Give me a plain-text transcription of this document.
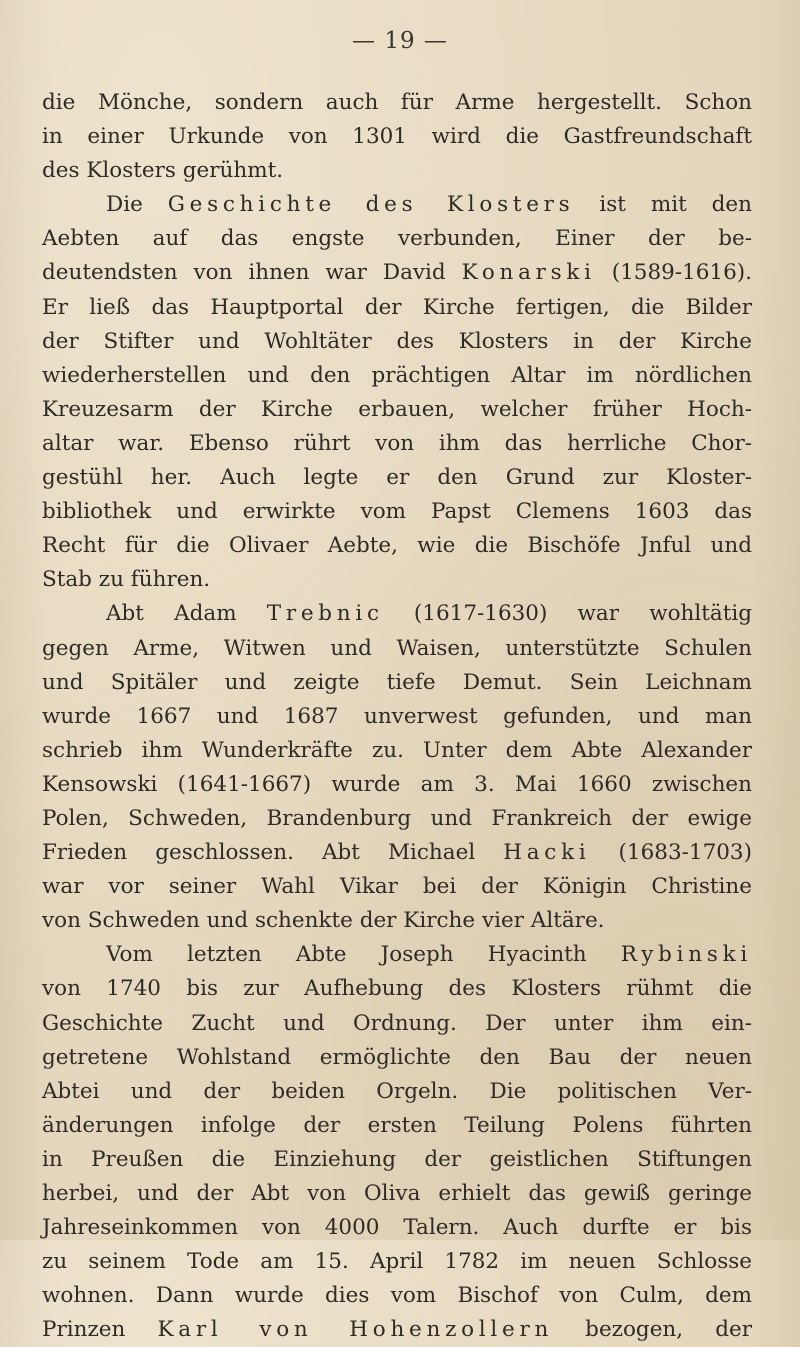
— 19 —
die Mönche, sondern auch für Arme hergestellt. Schon
in einer Urkunde von 1301 wird die Gastfreundschaft
des Klosters gerühmt.
Die Geschichte des Klosters ist mit den
Aebten auf das engste verbunden, Einer der be-
deutendsten von ihnen war David Konarski (1589-1616).
Er ließ das Hauptportal der Kirche fertigen, die Bilder
der Stifter und Wohltäter des Klosters in der Kirche
wiederherstellen und den prächtigen Altar im nördlichen
Kreuzesarm der Kirche erbauen, welcher früher Hoch-
altar war. Ebenso rührt von ihm das herrliche Chor-
gestühl her. Auch legte er den Grund zur Kloster-
bibliothek und erwirkte vom Papst Clemens 1603 das
Recht für die Olivaer Aebte, wie die Bischöfe Jnful und
Stab zu führen.
Abt Adam Trebnic (1617-1630) war wohltätig
gegen Arme, Witwen und Waisen, unterstützte Schulen
und Spitäler und zeigte tiefe Demut. Sein Leichnam
wurde 1667 und 1687 unverwest gefunden, und man
schrieb ihm Wunderkräfte zu. Unter dem Abte Alexander
Kensowski (1641-1667) wurde am 3. Mai 1660 zwischen
Polen, Schweden, Brandenburg und Frankreich der ewige
Frieden geschlossen. Abt Michael Hacki (1683-1703)
war vor seiner Wahl Vikar bei der Königin Christine
von Schweden und schenkte der Kirche vier Altäre.
Vom letzten Abte Joseph Hyacinth Rybinski
von 1740 bis zur Aufhebung des Klosters rühmt die
Geschichte Zucht und Ordnung. Der unter ihm ein-
getretene Wohlstand ermöglichte den Bau der neuen
Abtei und der beiden Orgeln. Die politischen Ver-
änderungen infolge der ersten Teilung Polens führten
in Preußen die Einziehung der geistlichen Stiftungen
herbei, und der Abt von Oliva erhielt das gewiß geringe
Jahreseinkommen von 4000 Talern. Auch durfte er bis
zu seinem Tode am 15. April 1782 im neuen Schlosse
wohnen. Dann wurde dies vom Bischof von Culm, dem
Prinzen Karl von Hohenzollern bezogen, der
